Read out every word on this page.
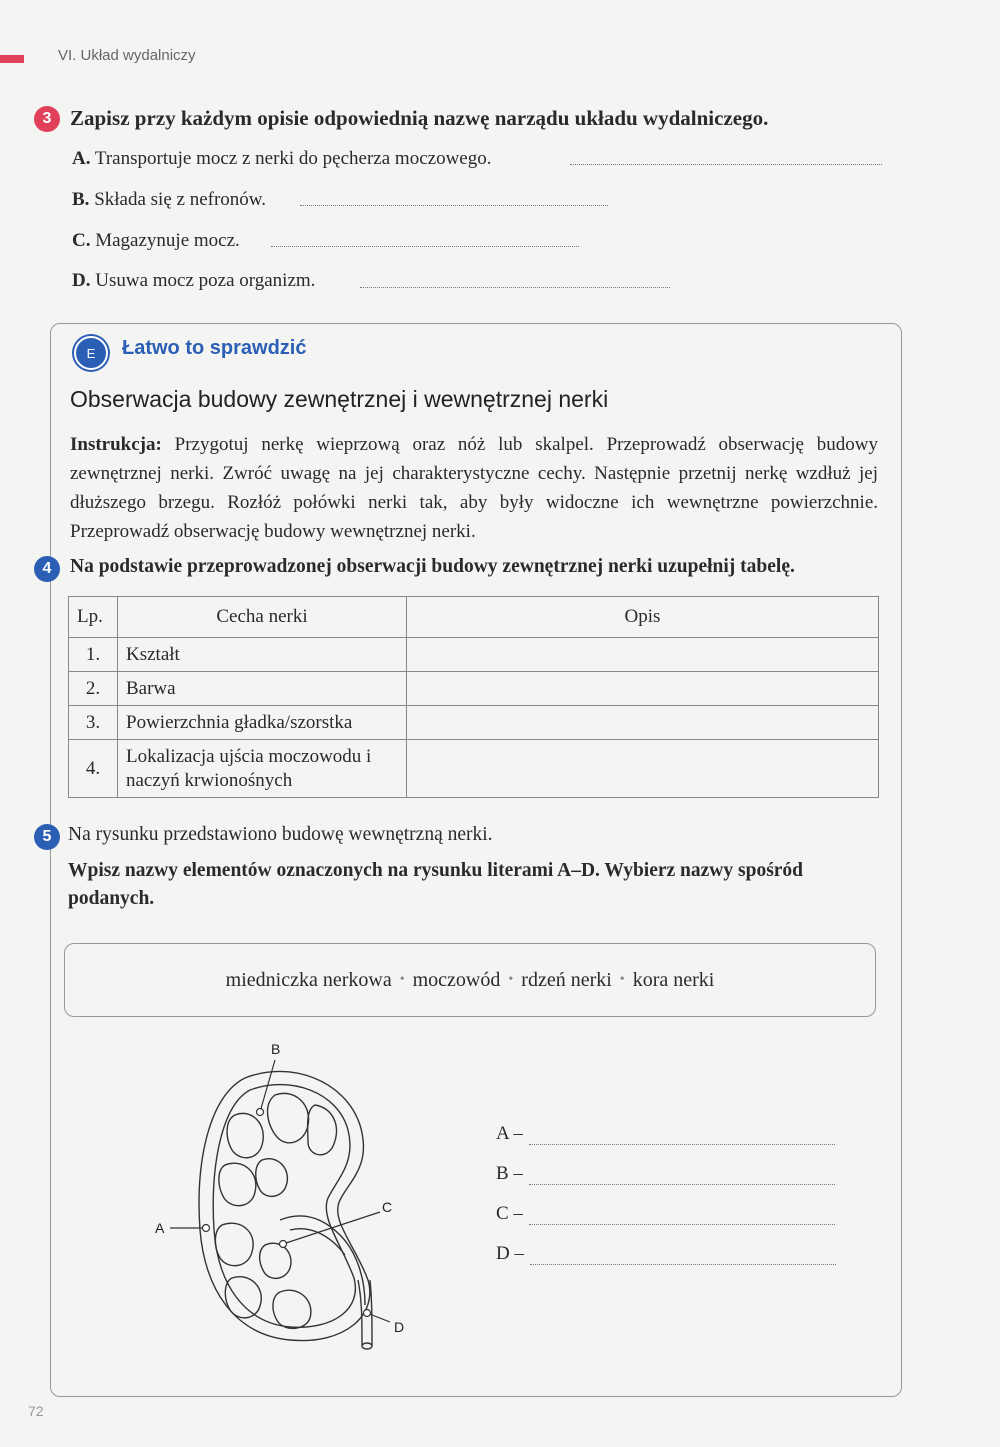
VI. Układ wydalniczy
3 Zapisz przy każdym opisie odpowiednią nazwę narządu układu wydalniczego.
A. Transportuje mocz z nerki do pęcherza moczowego.
B. Składa się z nefronów.
C. Magazynuje mocz.
D. Usuwa mocz poza organizm.
E	Łatwo to sprawdzić
Obserwacja budowy zewnętrznej i wewnętrznej nerki
Instrukcja: Przygotuj nerkę wieprzową oraz nóż lub skalpel. Przeprowadź obserwację budowy zewnętrznej nerki. Zwróć uwagę na jej charakterystyczne cechy. Następnie przetnij nerkę wzdłuż jej dłuższego brzegu. Rozłóż połówki nerki tak, aby były widoczne ich wewnętrzne powierzchnie. Przeprowadź obserwację budowy wewnętrznej nerki.
4 Na podstawie przeprowadzonej obserwacji budowy zewnętrznej nerki uzupełnij tabelę.
Lp.	Cecha nerki	Opis
1.	Kształt	
2.	Barwa	
3.	Powierzchnia gładka/szorstka	
4.	Lokalizacja ujścia moczowodu i naczyń krwionośnych	
5 Na rysunku przedstawiono budowę wewnętrzną nerki.
Wpisz nazwy elementów oznaczonych na rysunku literami A–D. Wybierz nazwy spośród podanych.
miedniczka nerkowa • moczowód • rdzeń nerki • kora nerki
A
B
C
D
A –
B –
C –
D –
72
